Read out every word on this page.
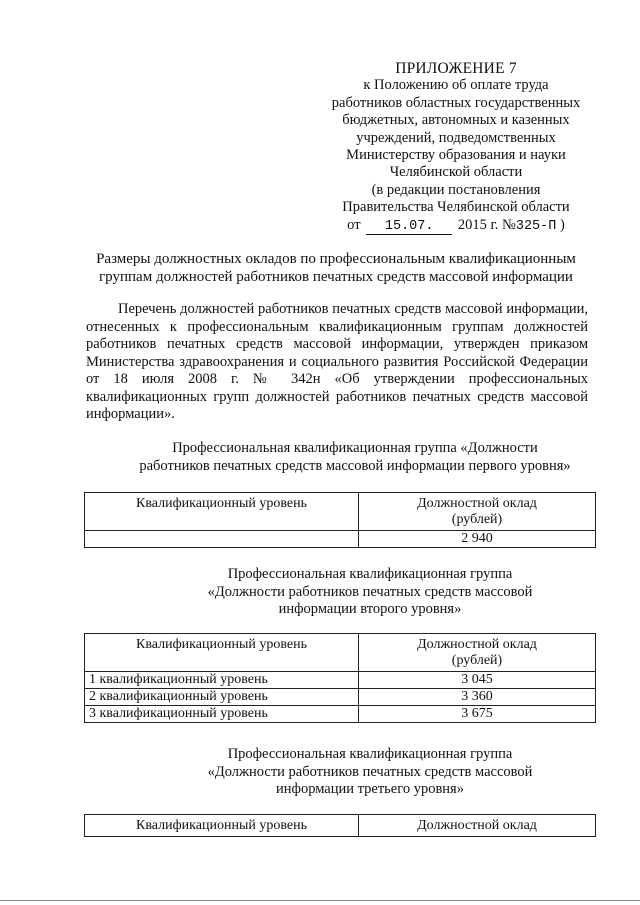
ПРИЛОЖЕНИЕ 7
к Положению об оплате труда
работников областных государственных
бюджетных, автономных и казенных
учреждений, подведомственных
Министерству образования и науки
Челябинской области
(в редакции постановления
Правительства Челябинской области
от 15.07. 2015 г. №325-П )
Размеры должностных окладов по профессиональным квалификационным
группам должностей работников печатных средств массовой информации
Перечень должностей работников печатных средств массовой информации, отнесенных к профессиональным квалификационным группам должностей работников печатных средств массовой информации, утвержден приказом Министерства здравоохранения и социального развития Российской Федерации от 18 июля 2008 г. № 342н «Об утверждении профессиональных квалификационных групп должностей работников печатных средств массовой информации».
Профессиональная квалификационная группа «Должности
работников печатных средств массовой информации первого уровня»
Квалификационный уровень	Должностной оклад
(рублей)

	2 940
Профессиональная квалификационная группа
«Должности работников печатных средств массовой
информации второго уровня»
Квалификационный уровень	Должностной оклад
(рублей)

1 квалификационный уровень	3 045
2 квалификационный уровень	3 360
3 квалификационный уровень	3 675
Профессиональная квалификационная группа
«Должности работников печатных средств массовой
информации третьего уровня»
Квалификационный уровень	Должностной оклад
